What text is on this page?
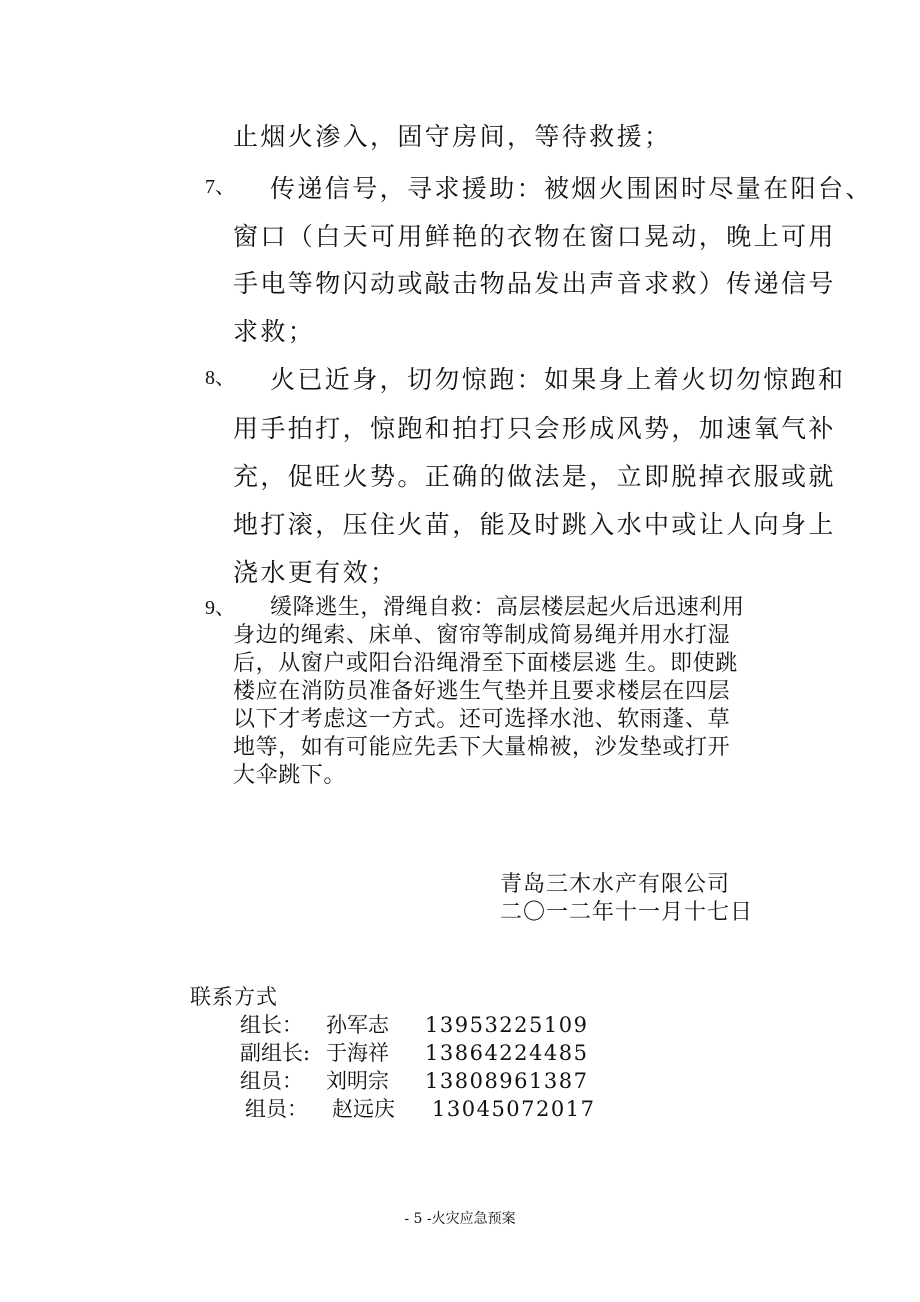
止烟火渗入，固守房间，等待救援；
7、 传递信号，寻求援助：被烟火围困时尽量在阳台、
窗口（白天可用鲜艳的衣物在窗口晃动，晚上可用
手电等物闪动或敲击物品发出声音求救）传递信号
求救；
8、 火已近身，切勿惊跑：如果身上着火切勿惊跑和
用手拍打，惊跑和拍打只会形成风势，加速氧气补
充，促旺火势。正确的做法是，立即脱掉衣服或就
地打滚，压住火苗，能及时跳入水中或让人向身上
浇水更有效；
9、 缓降逃生，滑绳自救：高层楼层起火后迅速利用
身边的绳索、床单、窗帘等制成简易绳并用水打湿
后，从窗户或阳台沿绳滑至下面楼层逃 生。即使跳
楼应在消防员准备好逃生气垫并且要求楼层在四层
以下才考虑这一方式。还可选择水池、软雨蓬、草
地等，如有可能应先丢下大量棉被，沙发垫或打开
大伞跳下。
青岛三木水产有限公司
二〇一二年十一月十七日
联系方式
组长： 孙军志 13953225109
副组长: 于海祥 13864224485
组员： 刘明宗 13808961387
组员： 赵远庆 13045072017
- 5 -火灾应急预案
